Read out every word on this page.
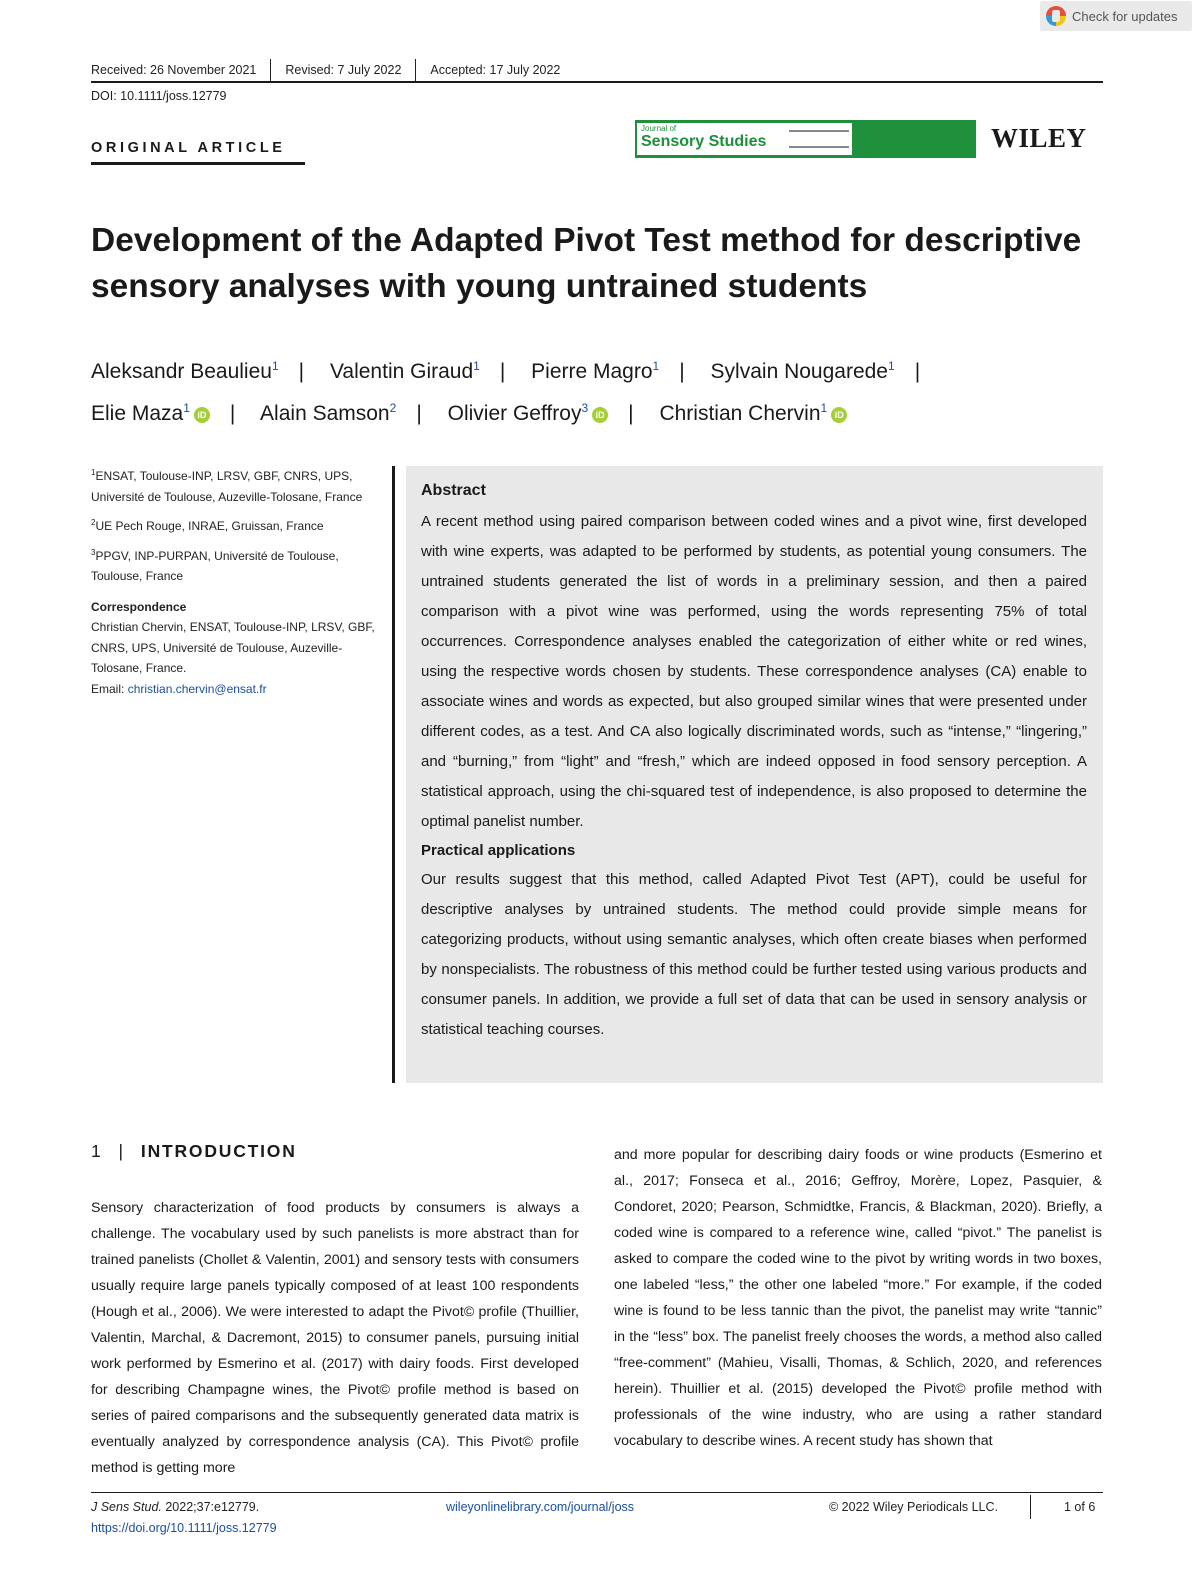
Check for updates
Received: 26 November 2021 Revised: 7 July 2022 Accepted: 17 July 2022
DOI: 10.1111/joss.12779
ORIGINAL ARTICLE
Journal of
Sensory Studies	WILEY
Development of the Adapted Pivot Test method for descriptive sensory analyses with young untrained students
Aleksandr Beaulieu$^1$ | Valentin Giraud$^1$ | Pierre Magro$^1$ | Sylvain Nougarede$^1$ |
Elie Maza$^1$ iD | Alain Samson$^2$ | Olivier Geffroy$^3$ iD | Christian Chervin$^1$ iD
$^1$ENSAT, Toulouse-INP, LRSV, GBF, CNRS, UPS, Université de Toulouse, Auzeville-Tolosane, France
$^2$UE Pech Rouge, INRAE, Gruissan, France
$^3$PPGV, INP-PURPAN, Université de Toulouse, Toulouse, France
Correspondence
Christian Chervin, ENSAT, Toulouse-INP, LRSV, GBF, CNRS, UPS, Université de Toulouse, Auzeville-Tolosane, France.
Email: christian.chervin@ensat.fr
Abstract

A recent method using paired comparison between coded wines and a pivot wine, first developed with wine experts, was adapted to be performed by students, as potential young consumers. The untrained students generated the list of words in a preliminary session, and then a paired comparison with a pivot wine was performed, using the words representing 75% of total occurrences. Correspondence analyses enabled the categorization of either white or red wines, using the respective words chosen by students. These correspondence analyses (CA) enable to associate wines and words as expected, but also grouped similar wines that were presented under different codes, as a test. And CA also logically discriminated words, such as “intense,” “lingering,” and “burning,” from “light” and “fresh,” which are indeed opposed in food sensory perception. A statistical approach, using the chi-squared test of independence, is also proposed to determine the optimal panelist number.

Practical applications

Our results suggest that this method, called Adapted Pivot Test (APT), could be useful for descriptive analyses by untrained students. The method could provide simple means for categorizing products, without using semantic analyses, which often create biases when performed by nonspecialists. The robustness of this method could be further tested using various products and consumer panels. In addition, we provide a full set of data that can be used in sensory analysis or statistical teaching courses.

1 | INTRODUCTION

Sensory characterization of food products by consumers is always a challenge. The vocabulary used by such panelists is more abstract than for trained panelists (Chollet & Valentin, 2001) and sensory tests with consumers usually require large panels typically composed of at least 100 respondents (Hough et al., 2006). We were interested to adapt the Pivot© profile (Thuillier, Valentin, Marchal, & Dacremont, 2015) to consumer panels, pursuing initial work performed by Esmerino et al. (2017) with dairy foods. First developed for describing Champagne wines, the Pivot© profile method is based on series of paired comparisons and the subsequently generated data matrix is eventually analyzed by correspondence analysis (CA). This Pivot© profile method is getting more

and more popular for describing dairy foods or wine products (Esmerino et al., 2017; Fonseca et al., 2016; Geffroy, Morère, Lopez, Pasquier, & Condoret, 2020; Pearson, Schmidtke, Francis, & Blackman, 2020). Briefly, a coded wine is compared to a reference wine, called “pivot.” The panelist is asked to compare the coded wine to the pivot by writing words in two boxes, one labeled “less,” the other one labeled “more.” For example, if the coded wine is found to be less tannic than the pivot, the panelist may write “tannic” in the “less” box. The panelist freely chooses the words, a method also called “free-comment” (Mahieu, Visalli, Thomas, & Schlich, 2020, and references herein). Thuillier et al. (2015) developed the Pivot© profile method with professionals of the wine industry, who are using a rather standard vocabulary to describe wines. A recent study has shown that

J Sens Stud. 2022;37:e12779.
https://doi.org/10.1111/joss.12779
wileyonlinelibrary.com/journal/joss	© 2022 Wiley Periodicals LLC.	1 of 6
